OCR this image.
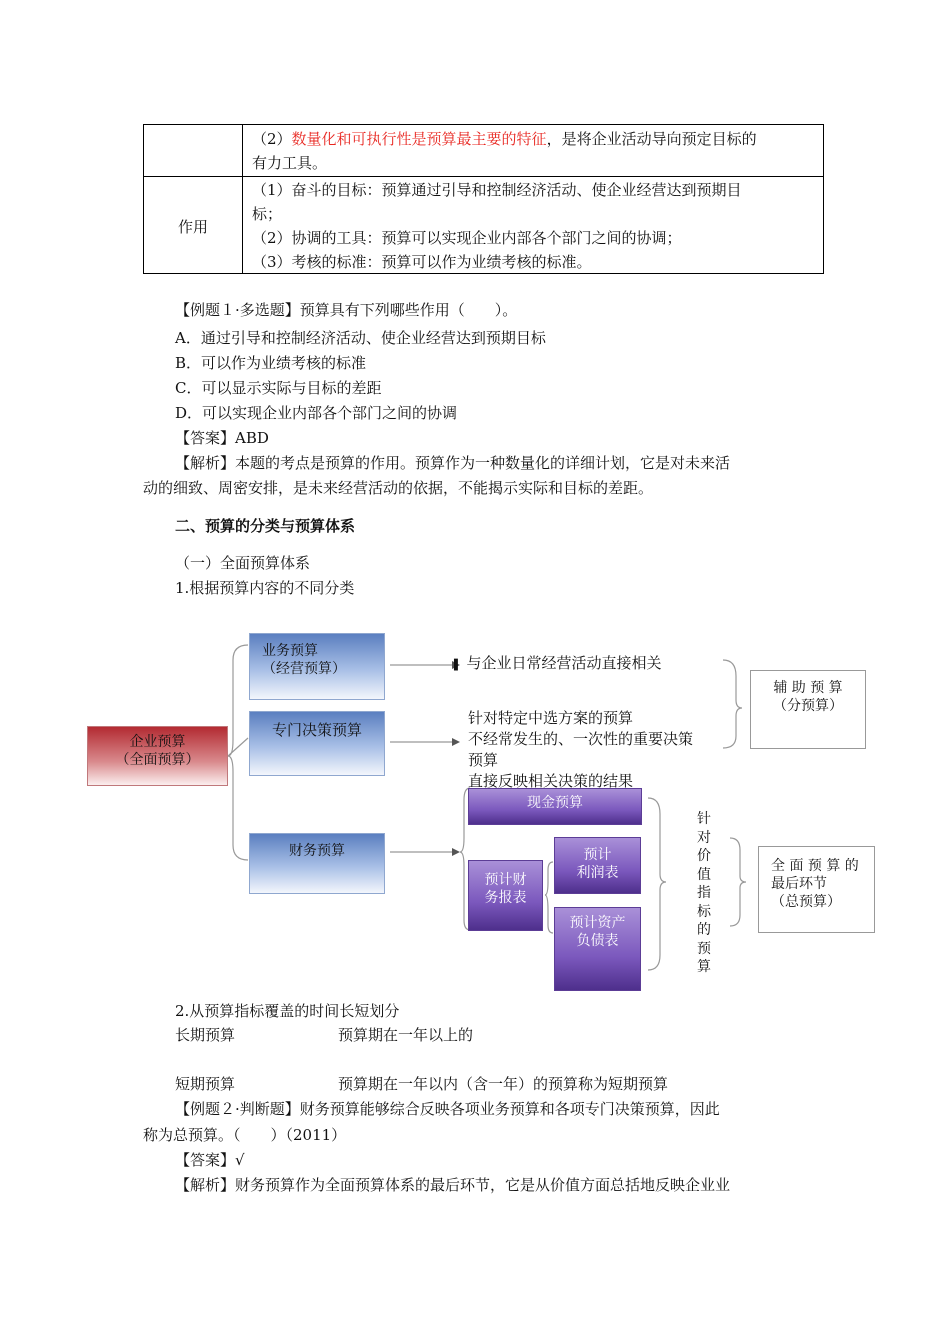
（2）数量化和可执行性是预算最主要的特征，是将企业活动导向预定目标的
有力工具。
作用
（1）奋斗的目标：预算通过引导和控制经济活动、使企业经营达到预期目
标；
（2）协调的工具：预算可以实现企业内部各个部门之间的协调；
（3）考核的标准：预算可以作为业绩考核的标准。
【例题１·多选题】预算具有下列哪些作用（　　）。
A．通过引导和控制经济活动、使企业经营达到预期目标
B．可以作为业绩考核的标准
C．可以显示实际与目标的差距
D．可以实现企业内部各个部门之间的协调
【答案】ABD
【解析】本题的考点是预算的作用。预算作为一种数量化的详细计划，它是对未来活
动的细致、周密安排，是未来经营活动的依据，不能揭示实际和目标的差距。
二、预算的分类与预算体系
（一）全面预算体系
1.根据预算内容的不同分类
企业预算
（全面预算）
业务预算
（经营预算）
专门决策预算
财务预算
▌ 与企业日常经营活动直接相关
针对特定中选方案的预算
不经常发生的、一次性的重要决策
预算
直接反映相关决策的结果
辅 助 预 算
（分预算）
现金预算
预计财
务报表
预计
利润表
预计资产
负债表
针
对
价
值
指
标
的
预
算
全 面 预 算 的
最后环节
（总预算）
2.从预算指标覆盖的时间长短划分
长期预算	预算期在一年以上的
短期预算	预算期在一年以内（含一年）的预算称为短期预算
【例题２·判断题】财务预算能够综合反映各项业务预算和各项专门决策预算，因此
称为总预算。（　　）（2011）
【答案】√
【解析】财务预算作为全面预算体系的最后环节，它是从价值方面总括地反映企业业
